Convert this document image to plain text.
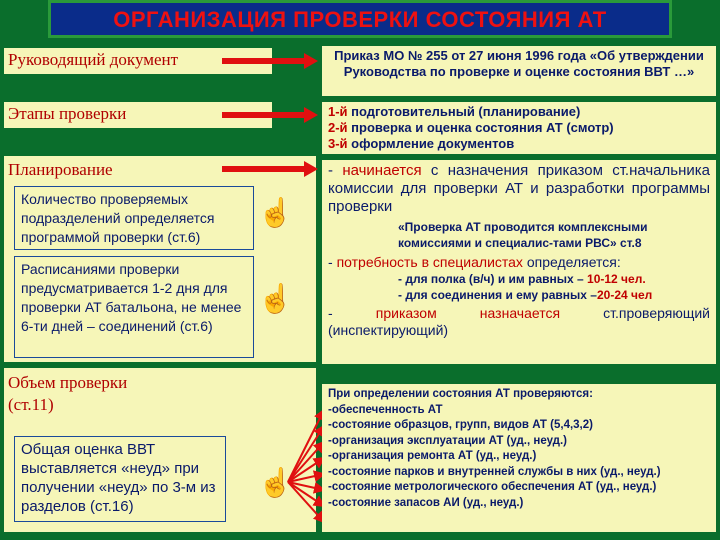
ОРГАНИЗАЦИЯ ПРОВЕРКИ СОСТОЯНИЯ АТ
Руководящий документ
Этапы проверки
Планирование
Количество проверяемых подразделений определяется программой проверки (ст.6)
Расписаниями проверки предусматривается 1-2 дня для проверки АТ батальона, не менее 6-ти дней – соединений (ст.6)
Объем проверки (ст.11)
Общая оценка ВВТ выставляется «неуд» при получении «неуд» по 3-м из разделов (ст.16)
☝
☝
☝
Приказ МО № 255 от 27 июня 1996 года «Об утверждении Руководства по проверке и оценке состояния ВВТ …»
1-й подготовительный (планирование)
2-й проверка и оценка состояния АТ (смотр)
3-й оформление документов
- начинается с назначения приказом ст.начальника комиссии для проверки АТ и разработки программы проверки
«Проверка АТ проводится комплексными комиссиями и специалис-тами РВС» ст.8
- потребность в специалистах определяется:
- для полка (в/ч) и им равных – 10-12 чел.
- для соединения и ему равных –20-24 чел
- приказом назначается ст.проверяющий (инспектирующий)
При определении состояния АТ проверяются:
-обеспеченность АТ
-состояние образцов, групп, видов АТ (5,4,3,2)
-организация эксплуатации АТ (уд., неуд.)
-организация ремонта АТ (уд., неуд.)
-состояние парков и внутренней службы в них (уд., неуд.)
-состояние метрологического обеспечения АТ (уд., неуд.)
-состояние запасов АИ (уд., неуд.)
